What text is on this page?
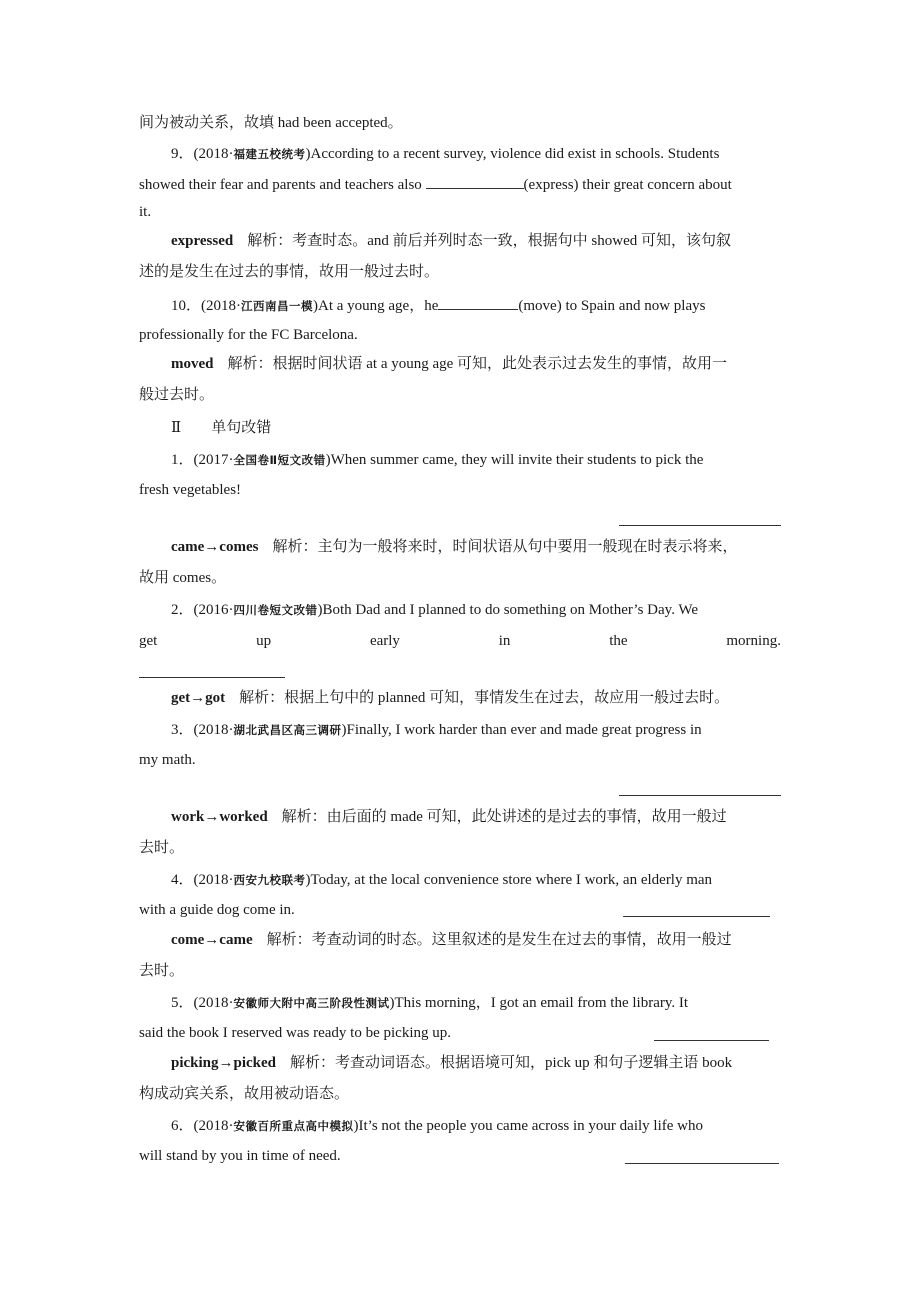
间为被动关系，故填 had been accepted。
9．(2018·福建五校统考)According to a recent survey, violence did exist in schools. Students
showed their fear and parents and teachers also	(express) their great concern about
it.
expressed 解析：考查时态。and 前后并列时态一致，根据句中 showed 可知，该句叙
述的是发生在过去的事情，故用一般过去时。
10．(2018·江西南昌一模)At a young age，he	(move) to Spain and now plays
professionally for the FC Barcelona.
moved 解析：根据时间状语 at a young age 可知，此处表示过去发生的事情，故用一
般过去时。
Ⅱ 单句改错
1．(2017·全国卷Ⅱ短文改错)When summer came, they will invite their students to pick the
fresh vegetables!
came→comes 解析：主句为一般将来时，时间状语从句中要用一般现在时表示将来，
故用 comes。
2．(2016·四川卷短文改错)Both Dad and I planned to do something on Mother’s Day. We
get	up	early	in	the	morning.
get→got 解析：根据上句中的 planned 可知，事情发生在过去，故应用一般过去时。
3．(2018·湖北武昌区高三调研)Finally, I work harder than ever and made great progress in
my math.
work→worked 解析：由后面的 made 可知，此处讲述的是过去的事情，故用一般过
去时。
4．(2018·西安九校联考)Today, at the local convenience store where I work, an elderly man
with a guide dog come in.
come→came 解析：考查动词的时态。这里叙述的是发生在过去的事情，故用一般过
去时。
5．(2018·安徽师大附中高三阶段性测试)This morning，I got an email from the library. It
said the book I reserved was ready to be picking up.
picking→picked 解析：考查动词语态。根据语境可知，pick up 和句子逻辑主语 book
构成动宾关系，故用被动语态。
6．(2018·安徽百所重点高中模拟)It’s not the people you came across in your daily life who
will stand by you in time of need.
